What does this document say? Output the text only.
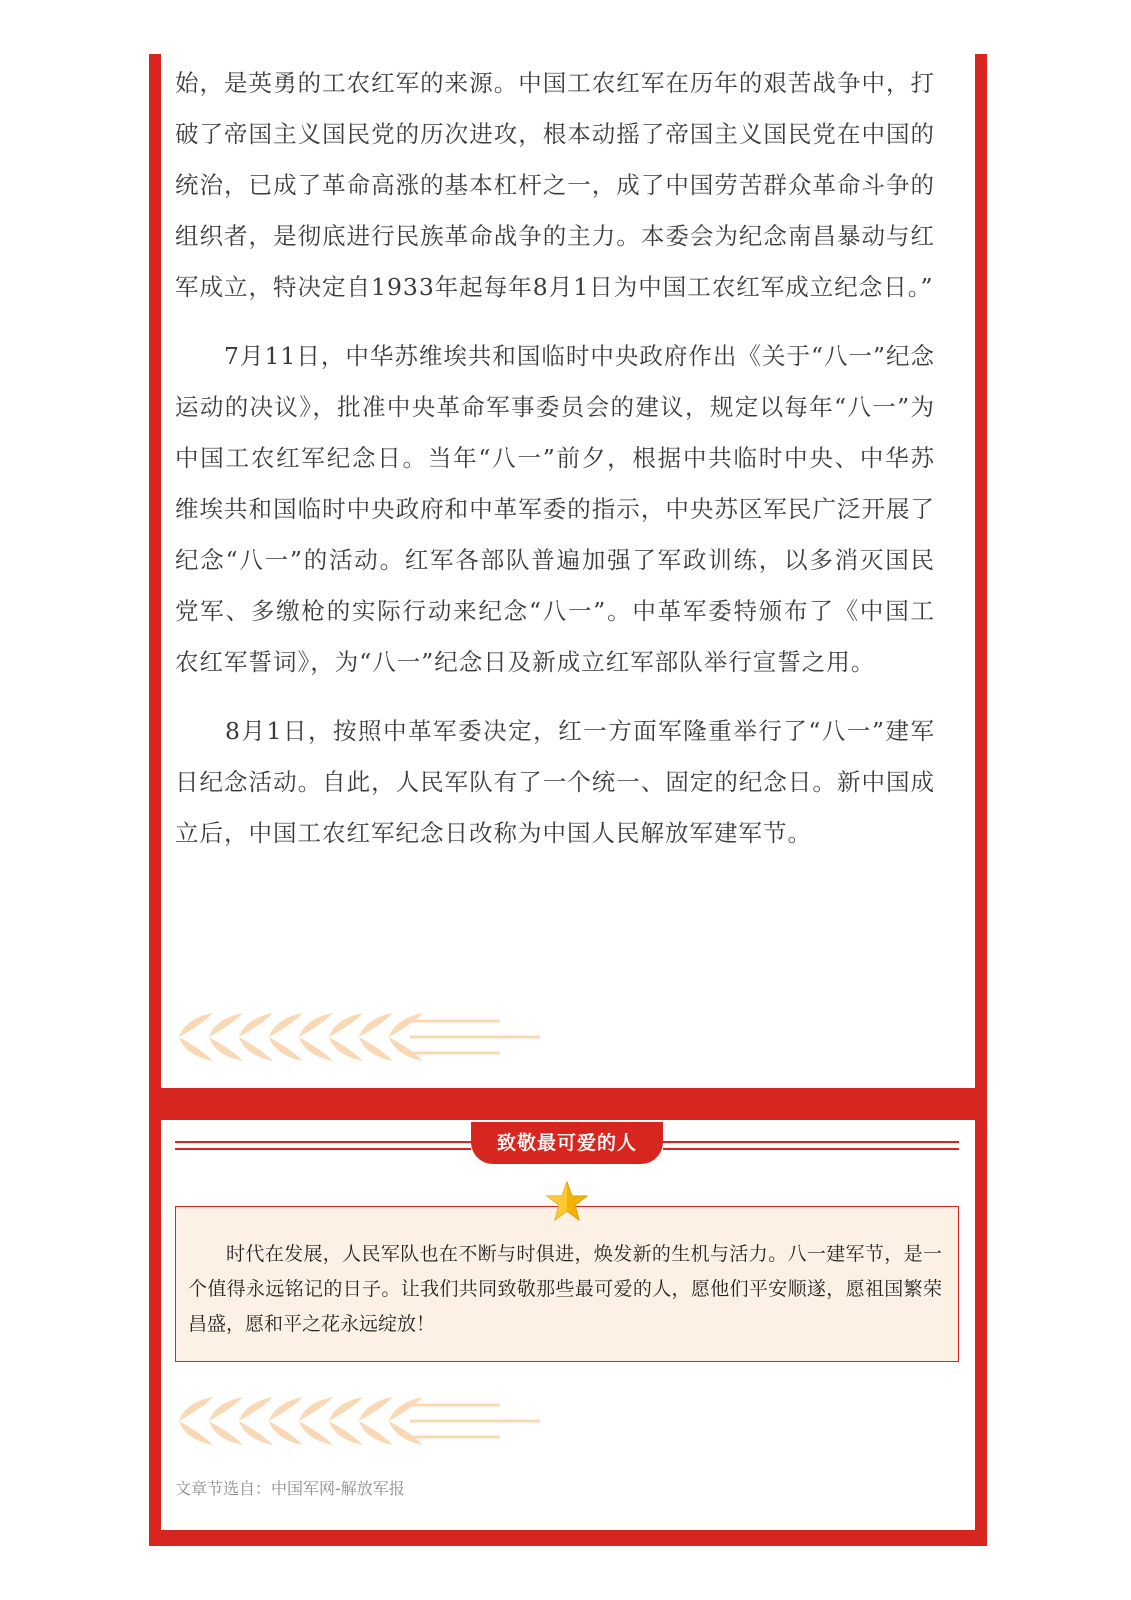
始，是英勇的工农红军的来源。中国工农红军在历年的艰苦战争中，打破了帝国主义国民党的历次进攻，根本动摇了帝国主义国民党在中国的统治，已成了革命高涨的基本杠杆之一，成了中国劳苦群众革命斗争的组织者，是彻底进行民族革命战争的主力。本委会为纪念南昌暴动与红军成立，特决定自1933年起每年8月1日为中国工农红军成立纪念日。”

　　7月11日，中华苏维埃共和国临时中央政府作出《关于“八一”纪念运动的决议》，批准中央革命军事委员会的建议，规定以每年“八一”为中国工农红军纪念日。当年“八一”前夕，根据中共临时中央、中华苏维埃共和国临时中央政府和中革军委的指示，中央苏区军民广泛开展了纪念“八一”的活动。红军各部队普遍加强了军政训练，以多消灭国民党军、多缴枪的实际行动来纪念“八一”。中革军委特颁布了《中国工农红军誓词》，为“八一”纪念日及新成立红军部队举行宣誓之用。

　　8月1日，按照中革军委决定，红一方面军隆重举行了“八一”建军日纪念活动。自此，人民军队有了一个统一、固定的纪念日。新中国成立后，中国工农红军纪念日改称为中国人民解放军建军节。

致敬最可爱的人

时代在发展，人民军队也在不断与时俱进，焕发新的生机与活力。八一建军节，是一个值得永远铭记的日子。让我们共同致敬那些最可爱的人，愿他们平安顺遂，愿祖国繁荣昌盛，愿和平之花永远绽放！

文章节选自：中国军网-解放军报
